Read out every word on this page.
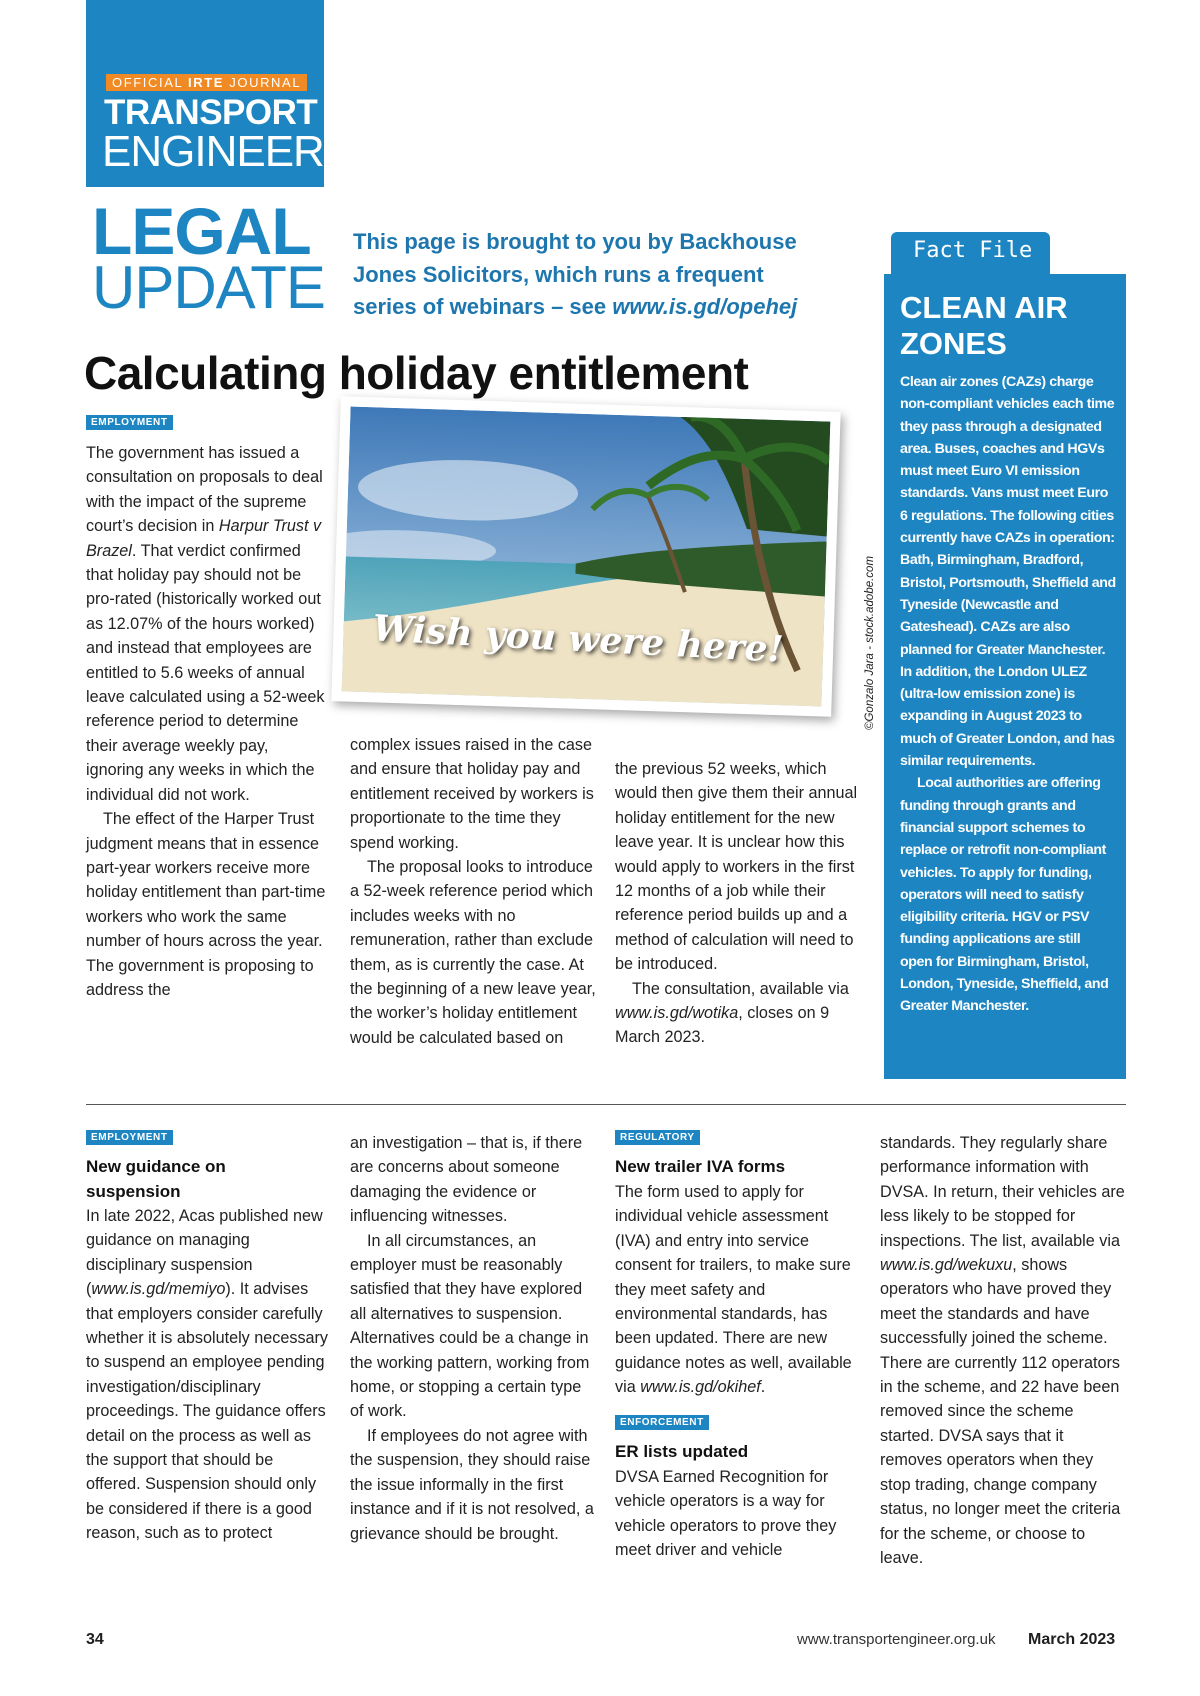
OFFICIAL IRTE JOURNAL
TRANSPORT
ENGINEER
LEGAL
UPDATE
This page is brought to you by Backhouse Jones Solicitors, which runs a frequent series of webinars – see www.is.gd/opehej
Calculating holiday entitlement
EMPLOYMENT

The government has issued a consultation on proposals to deal with the impact of the supreme court’s decision in Harpur Trust v Brazel. That verdict confirmed that holiday pay should not be pro-rated (historically worked out as 12.07% of the hours worked) and instead that employees are entitled to 5.6 weeks of annual leave calculated using a 52-week reference period to determine their average weekly pay, ignoring any weeks in which the individual did not work.

The effect of the Harper Trust judgment means that in essence part-year workers receive more holiday entitlement than part-time workers who work the same number of hours across the year. The government is proposing to address the

complex issues raised in the case and ensure that holiday pay and entitlement received by workers is proportionate to the time they spend working.

The proposal looks to introduce a 52-week reference period which includes weeks with no remuneration, rather than exclude them, as is currently the case. At the beginning of a new leave year, the worker’s holiday entitlement would be calculated based on

the previous 52 weeks, which would then give them their annual holiday entitlement for the new leave year. It is unclear how this would apply to workers in the first 12 months of a job while their reference period builds up and a method of calculation will need to be introduced.

The consultation, available via www.is.gd/wotika, closes on 9 March 2023.

Wish you were here!	©Gonzalo Jara - stock.adobe.com
Fact File
CLEAN AIR
ZONES

Clean air zones (CAZs) charge non-compliant vehicles each time they pass through a designated area. Buses, coaches and HGVs must meet Euro VI emission standards. Vans must meet Euro 6 regulations. The following cities currently have CAZs in operation: Bath, Birmingham, Bradford, Bristol, Portsmouth, Sheffield and Tyneside (Newcastle and Gateshead). CAZs are also planned for Greater Manchester. In addition, the London ULEZ (ultra-low emission zone) is expanding in August 2023 to much of Greater London, and has similar requirements.

Local authorities are offering funding through grants and financial support schemes to replace or retrofit non-compliant vehicles. To apply for funding, operators will need to satisfy eligibility criteria. HGV or PSV funding applications are still open for Birmingham, Bristol, London, Tyneside, Sheffield, and Greater Manchester.

EMPLOYMENT
New guidance on
suspension

In late 2022, Acas published new guidance on managing disciplinary suspension (www.is.gd/memiyo). It advises that employers consider carefully whether it is absolutely necessary to suspend an employee pending investigation/disciplinary proceedings. The guidance offers detail on the process as well as the support that should be offered. Suspension should only be considered if there is a good reason, such as to protect

an investigation – that is, if there are concerns about someone damaging the evidence or influencing witnesses.

In all circumstances, an employer must be reasonably satisfied that they have explored all alternatives to suspension. Alternatives could be a change in the working pattern, working from home, or stopping a certain type of work.

If employees do not agree with the suspension, they should raise the issue informally in the first instance and if it is not resolved, a grievance should be brought.

REGULATORY
New trailer IVA forms

The form used to apply for individual vehicle assessment (IVA) and entry into service consent for trailers, to make sure they meet safety and environmental standards, has been updated. There are new guidance notes as well, available via www.is.gd/okihef.

ENFORCEMENT
ER lists updated

DVSA Earned Recognition for vehicle operators is a way for vehicle operators to prove they meet driver and vehicle

standards. They regularly share performance information with DVSA. In return, their vehicles are less likely to be stopped for inspections. The list, available via www.is.gd/wekuxu, shows operators who have proved they meet the standards and have successfully joined the scheme. There are currently 112 operators in the scheme, and 22 have been removed since the scheme started. DVSA says that it removes operators when they stop trading, change company status, no longer meet the criteria for the scheme, or choose to leave.

34	www.transportengineer.org.uk March 2023
